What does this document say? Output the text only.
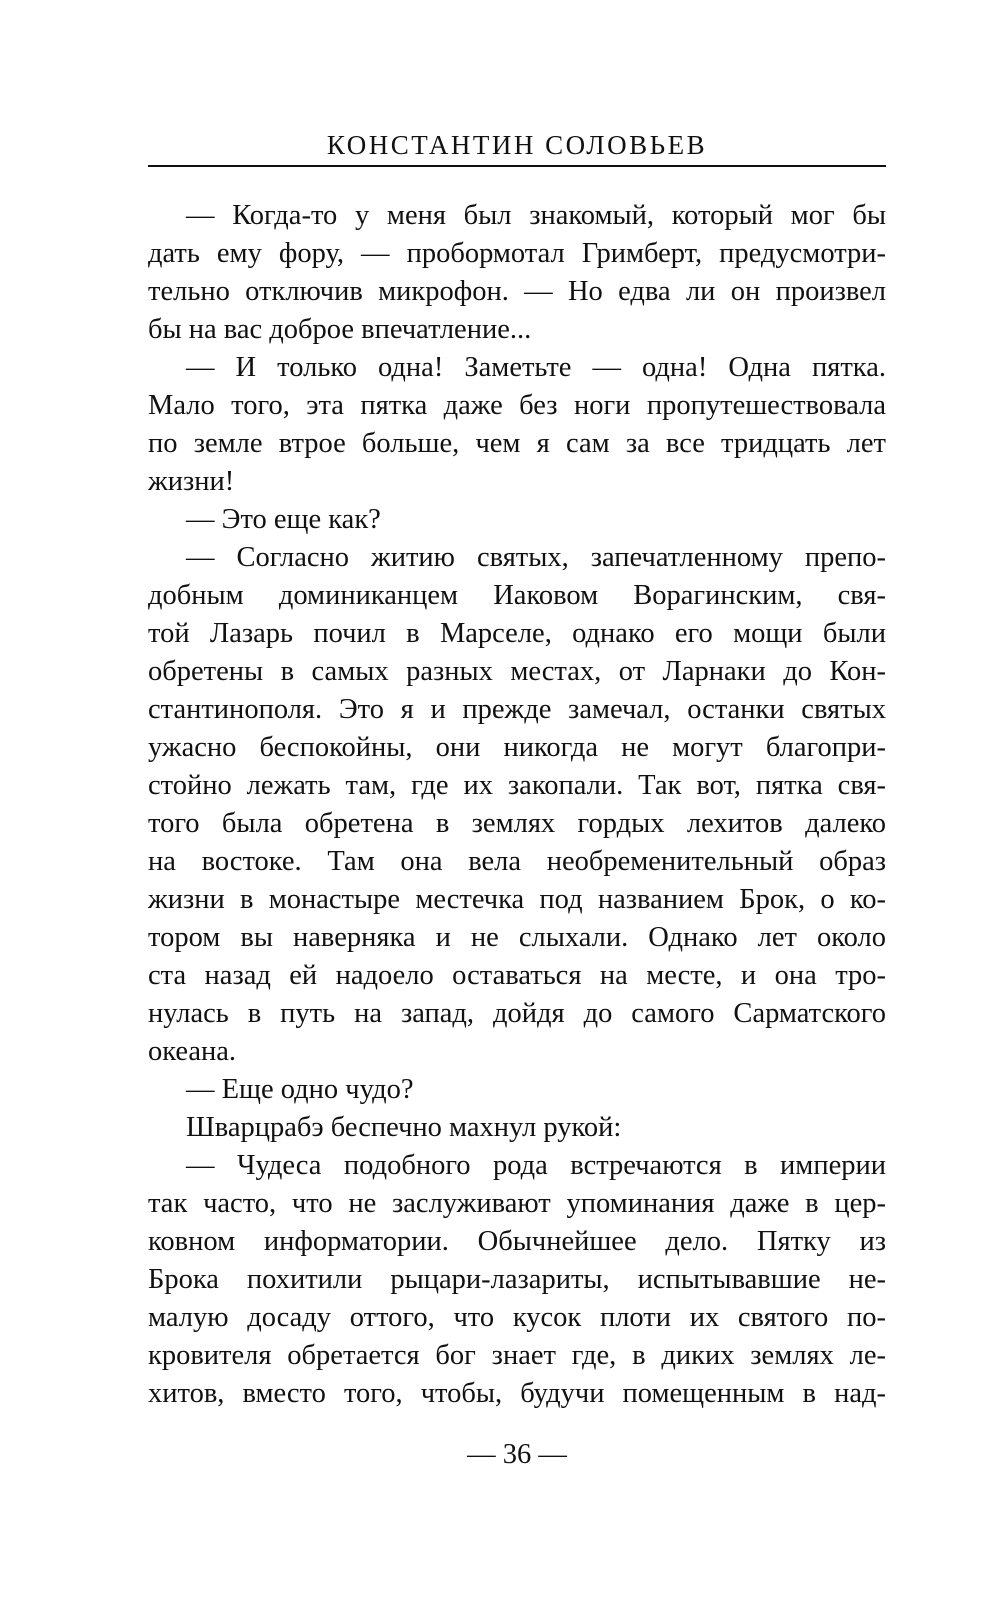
КОНСТАНТИН СОЛОВЬЕВ
— Когда-то у меня был знакомый, который мог бы
дать ему фору, — пробормотал Гримберт, предусмотри-
тельно отключив микрофон. — Но едва ли он произвел
бы на вас доброе впечатление...
— И только одна! Заметьте — одна! Одна пятка.
Мало того, эта пятка даже без ноги пропутешествовала
по земле втрое больше, чем я сам за все тридцать лет
жизни!
— Это еще как?
— Согласно житию святых, запечатленному препо-
добным доминиканцем Иаковом Ворагинским, свя-
той Лазарь почил в Марселе, однако его мощи были
обретены в самых разных местах, от Ларнаки до Кон-
стантинополя. Это я и прежде замечал, останки святых
ужасно беспокойны, они никогда не могут благопри-
стойно лежать там, где их закопали. Так вот, пятка свя-
того была обретена в землях гордых лехитов далеко
на востоке. Там она вела необременительный образ
жизни в монастыре местечка под названием Брок, о ко-
тором вы наверняка и не слыхали. Однако лет около
ста назад ей надоело оставаться на месте, и она тро-
нулась в путь на запад, дойдя до самого Сарматского
океана.
— Еще одно чудо?
Шварцрабэ беспечно махнул рукой:
— Чудеса подобного рода встречаются в империи
так часто, что не заслуживают упоминания даже в цер-
ковном информатории. Обычнейшее дело. Пятку из
Брока похитили рыцари-лазариты, испытывавшие не-
малую досаду оттого, что кусок плоти их святого по-
кровителя обретается бог знает где, в диких землях ле-
хитов, вместо того, чтобы, будучи помещенным в над-
— 36 —
